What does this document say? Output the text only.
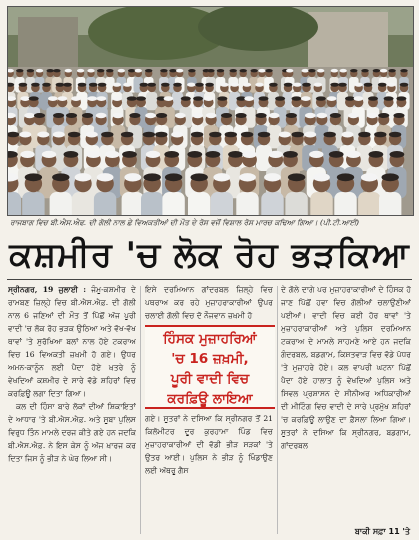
ਰਾਜਬਾਗ ਵਿਚ ਬੀ.ਐਸ.ਐਫ. ਦੀ ਗੋਲੀ ਨਾਲ ਛੇ ਵਿਅਕਤੀਆਂ ਦੀ ਮੌਤ ਦੇ ਰੋਸ ਵਜੋਂ ਵਿਸ਼ਾਲ ਰੋਸ ਮਾਰਚ ਕਢਿਆ ਗਿਆ। (ਪੀ.ਟੀ.ਆਈ)
ਕਸ਼ਮੀਰ 'ਚ ਲੋਕ ਰੋਹ ਭੜਕਿਆ

ਸ੍ਰੀਨਗਰ, 19 ਜੁਲਾਈ : ਜੰਮੂ-ਕਸ਼ਮੀਰ ਦੇ ਰਾਮਬਣ ਜ਼ਿਲ੍ਹੇ ਵਿਚ ਬੀ.ਐਸ.ਐਫ਼. ਦੀ ਗੋਲੀ ਨਾਲ 6 ਜਣਿਆਂ ਦੀ ਮੌਤ ਤੋਂ ਪਿੱਛੋਂ ਅੱਜ ਪੂਰੀ ਵਾਦੀ 'ਚ ਲੋਕ ਰੋਹ ਭੜਕ ਉਠਿਆ ਅਤੇ ਵੱਖ-ਵੱਖ ਥਾਵਾਂ 'ਤੇ ਸੁਰੱਖਿਆ ਬਲਾਂ ਨਾਲ ਹੋਏ ਟਕਰਾਅ ਵਿਚ 16 ਵਿਅਕਤੀ ਜ਼ਖ਼ਮੀ ਹੋ ਗਏ। ਉਧਰ ਅਮਨ-ਕਾਨੂੰਨ ਲਈ ਪੈਦਾ ਹੋਏ ਖ਼ਤਰੇ ਨੂੰ ਵੇਖਦਿਆਂ ਕਸ਼ਮੀਰ ਦੇ ਸਾਰੇ ਵੱਡੇ ਸ਼ਹਿਰਾਂ ਵਿਚ ਕਰਫ਼ਿਊ ਲਗਾ ਦਿਤਾ ਗਿਆ।

ਕਲ ਦੀ ਹਿੰਸਾ ਬਾਰੇ ਲੋਕਾਂ ਦੀਆਂ ਸ਼ਿਕਾਇਤਾਂ ਦੇ ਆਧਾਰ 'ਤੇ ਬੀ.ਐਸ.ਐਫ਼. ਅਤੇ ਸੂਬਾ ਪੁਲਿਸ ਵਿਰੁਧ ਤਿੰਨ ਮਾਮਲੇ ਦਰਜ ਕੀਤੇ ਗਏ ਹਨ ਜਦਕਿ ਬੀ.ਐਸ.ਐਫ਼. ਨੇ ਇਸ ਕੇਸ ਨੂੰ ਅੱਜ ਖ਼ਾਰਜ ਕਰ ਦਿਤਾ ਜਿਸ ਨੂੰ ਭੀੜ ਨੇ ਘੇਰ ਲਿਆ ਸੀ।

ਇਸੇ ਦਰਮਿਆਨ ਗਾਂਦਰਬਲ ਜ਼ਿਲ੍ਹੇ ਵਿਚ ਪਥਰਾਅ ਕਰ ਰਹੇ ਮੁਜ਼ਾਹਰਾਕਾਰੀਆਂ ਉਪਰ ਚਲਾਈ ਗੋਲੀ ਵਿਚ ਦੋ ਨੌਜਵਾਨ ਜ਼ਖ਼ਮੀ ਹੋ
ਹਿੰਸਕ ਮੁਜ਼ਾਹਰਿਆਂ
'ਚ 16 ਜ਼ਖ਼ਮੀ,
ਪੂਰੀ ਵਾਦੀ ਵਿਚ
ਕਰਫ਼ਿਊ ਲਾਇਆ
ਗਏ। ਸੂਤਰਾਂ ਨੇ ਦਸਿਆ ਕਿ ਸ੍ਰੀਨਗਰ ਤੋਂ 21 ਕਿਲੋਮੀਟਰ ਦੂਰ ਕੁਰਹਾਮਾ ਪਿੰਡ ਵਿਚ ਮੁਜ਼ਾਹਰਾਕਾਰੀਆਂ ਦੀ ਵੱਡੀ ਭੀੜ ਸੜਕਾਂ 'ਤੇ ਉਤਰ ਆਈ। ਪੁਲਿਸ ਨੇ ਭੀੜ ਨੂੰ ਖਿੰਡਾਉਣ ਲਈ ਅੱਥਰੂ ਗੈਸ
ਦੇ ਗੋਲੇ ਦਾਗੇ ਪਰ ਮੁਜ਼ਾਹਰਾਕਾਰੀਆਂ ਦੇ ਹਿੰਸਕ ਹੋ ਜਾਣ ਪਿੱਛੋਂ ਹਵਾ ਵਿਚ ਗੋਲੀਆਂ ਚਲਾਉਣੀਆਂ ਪਈਆਂ। ਵਾਦੀ ਵਿਚ ਕਈ ਹੋਰ ਥਾਵਾਂ 'ਤੇ ਮੁਜ਼ਾਹਰਾਕਾਰੀਆਂ ਅਤੇ ਪੁਲਿਸ ਦਰਮਿਆਨ ਟਕਰਾਅ ਦੇ ਮਾਮਲੇ ਸਾਹਮਣੇ ਆਏ ਹਨ ਜਦਕਿ ਗੰਦਰਬਲ, ਬਡਗਾਮ, ਕਿਸ਼ਤਵਾੜ ਵਿਚ ਵੱਡੇ ਪੱਧਰ 'ਤੇ ਮੁਜ਼ਾਹਰੇ ਹੋਏ। ਕਲ ਵਾਪਰੀ ਘਟਨਾ ਪਿੱਛੋਂ ਪੈਦਾ ਹੋਏ ਹਾਲਾਤ ਨੂੰ ਵੇਖਦਿਆਂ ਪੁਲਿਸ ਅਤੇ ਸਿਵਲ ਪ੍ਰਸ਼ਾਸਨ ਦੇ ਸੀਨੀਅਰ ਅਧਿਕਾਰੀਆਂ ਦੀ ਮੀਟਿੰਗ ਵਿਚ ਵਾਦੀ ਦੇ ਸਾਰੇ ਪ੍ਰਮੁੱਖ ਸ਼ਹਿਰਾਂ 'ਚ ਕਰਫ਼ਿਊ ਲਾਉਣ ਦਾ ਫ਼ੈਸਲਾ ਲਿਆ ਗਿਆ। ਸੂਤਰਾਂ ਨੇ ਦਸਿਆ ਕਿ ਸ੍ਰੀਨਗਰ, ਬਡਗਾਮ, ਗਾਂਦਰਬਲ
ਬਾਕੀ ਸਫ਼ਾ 11 'ਤੇ
